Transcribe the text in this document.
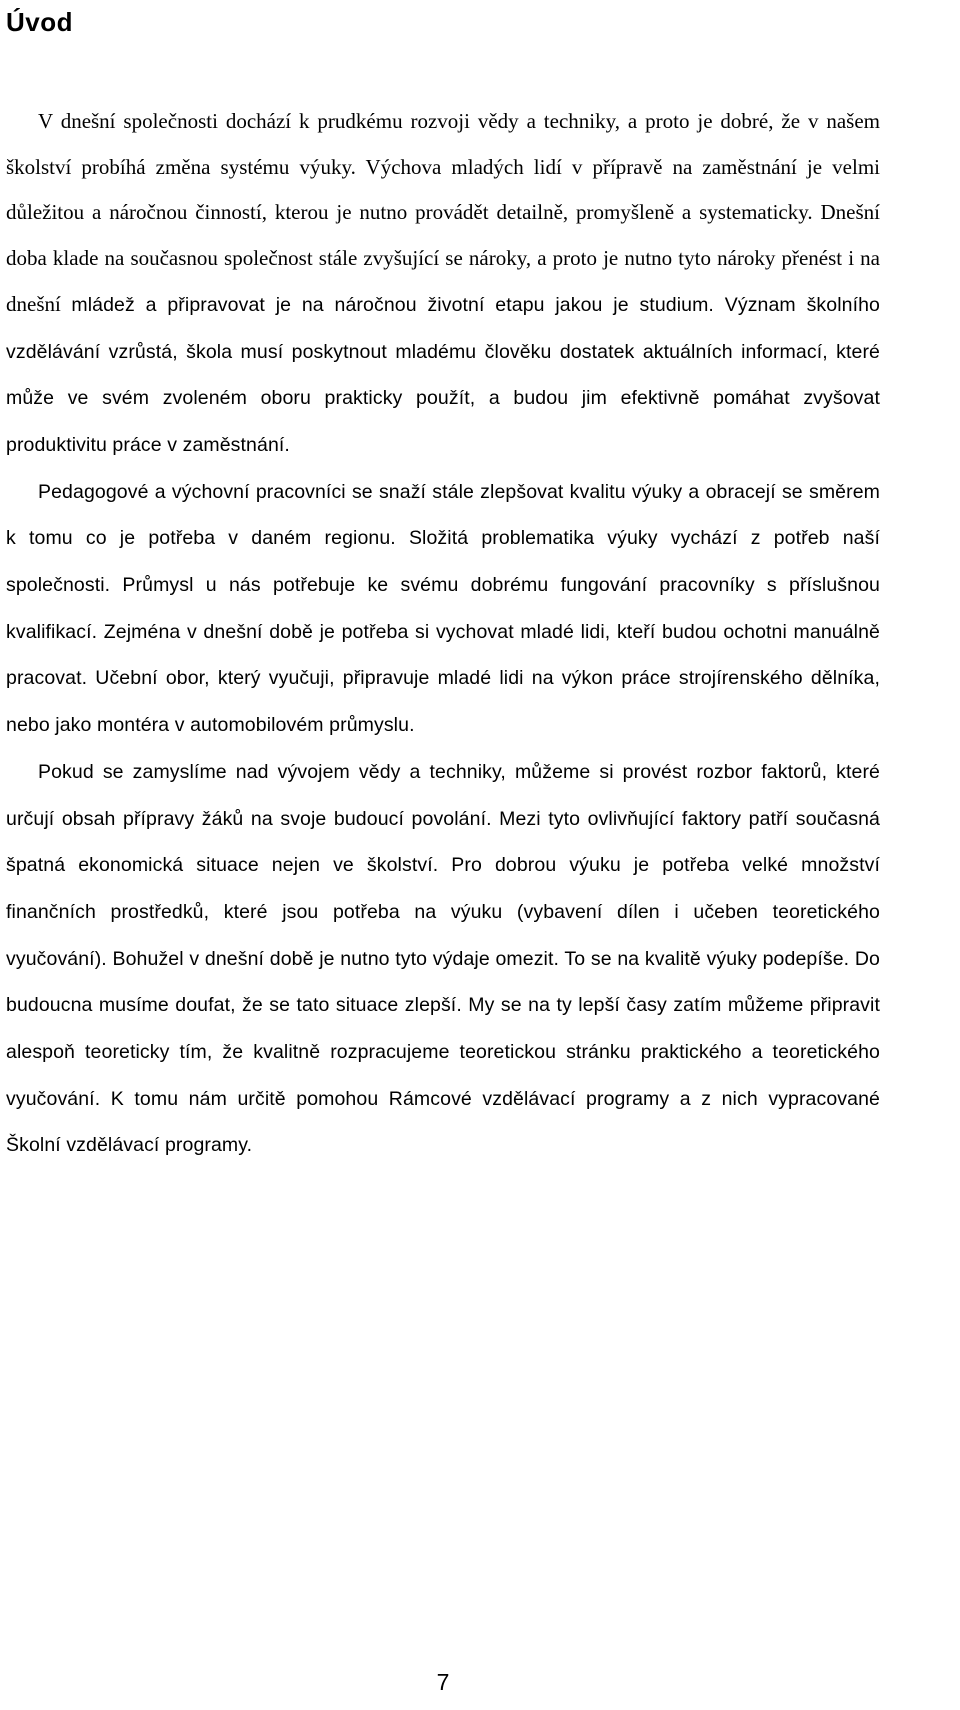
Úvod

V dnešní společnosti dochází k prudkému rozvoji vědy a techniky, a proto je dobré, že v našem školství probíhá změna systému výuky. Výchova mladých lidí v přípravě na zaměstnání je velmi důležitou a náročnou činností, kterou je nutno provádět detailně, promyšleně a systematicky. Dnešní doba klade na současnou společnost stále zvyšující se nároky, a proto je nutno tyto nároky přenést i na dnešní mládež a připravovat je na náročnou životní etapu jakou je studium. Význam školního vzdělávání vzrůstá, škola musí poskytnout mladému člověku dostatek aktuálních informací, které může ve svém zvoleném oboru prakticky použít, a budou jim efektivně pomáhat zvyšovat produktivitu práce v zaměstnání.

Pedagogové a výchovní pracovníci se snaží stále zlepšovat kvalitu výuky a obracejí se směrem k tomu co je potřeba v daném regionu. Složitá problematika výuky vychází z potřeb naší společnosti. Průmysl u nás potřebuje ke svému dobrému fungování pracovníky s příslušnou kvalifikací. Zejména v dnešní době je potřeba si vychovat mladé lidi, kteří budou ochotni manuálně pracovat. Učební obor, který vyučuji, připravuje mladé lidi na výkon práce strojírenského dělníka, nebo jako montéra v automobilovém průmyslu.

Pokud se zamyslíme nad vývojem vědy a techniky, můžeme si provést rozbor faktorů, které určují obsah přípravy žáků na svoje budoucí povolání. Mezi tyto ovlivňující faktory patří současná špatná ekonomická situace nejen ve školství. Pro dobrou výuku je potřeba velké množství finančních prostředků, které jsou potřeba na výuku (vybavení dílen i učeben teoretického vyučování). Bohužel v dnešní době je nutno tyto výdaje omezit. To se na kvalitě výuky podepíše. Do budoucna musíme doufat, že se tato situace zlepší. My se na ty lepší časy zatím můžeme připravit alespoň teoreticky tím, že kvalitně rozpracujeme teoretickou stránku praktického a teoretického vyučování. K tomu nám určitě pomohou Rámcové vzdělávací programy a z nich vypracované Školní vzdělávací programy.

7
